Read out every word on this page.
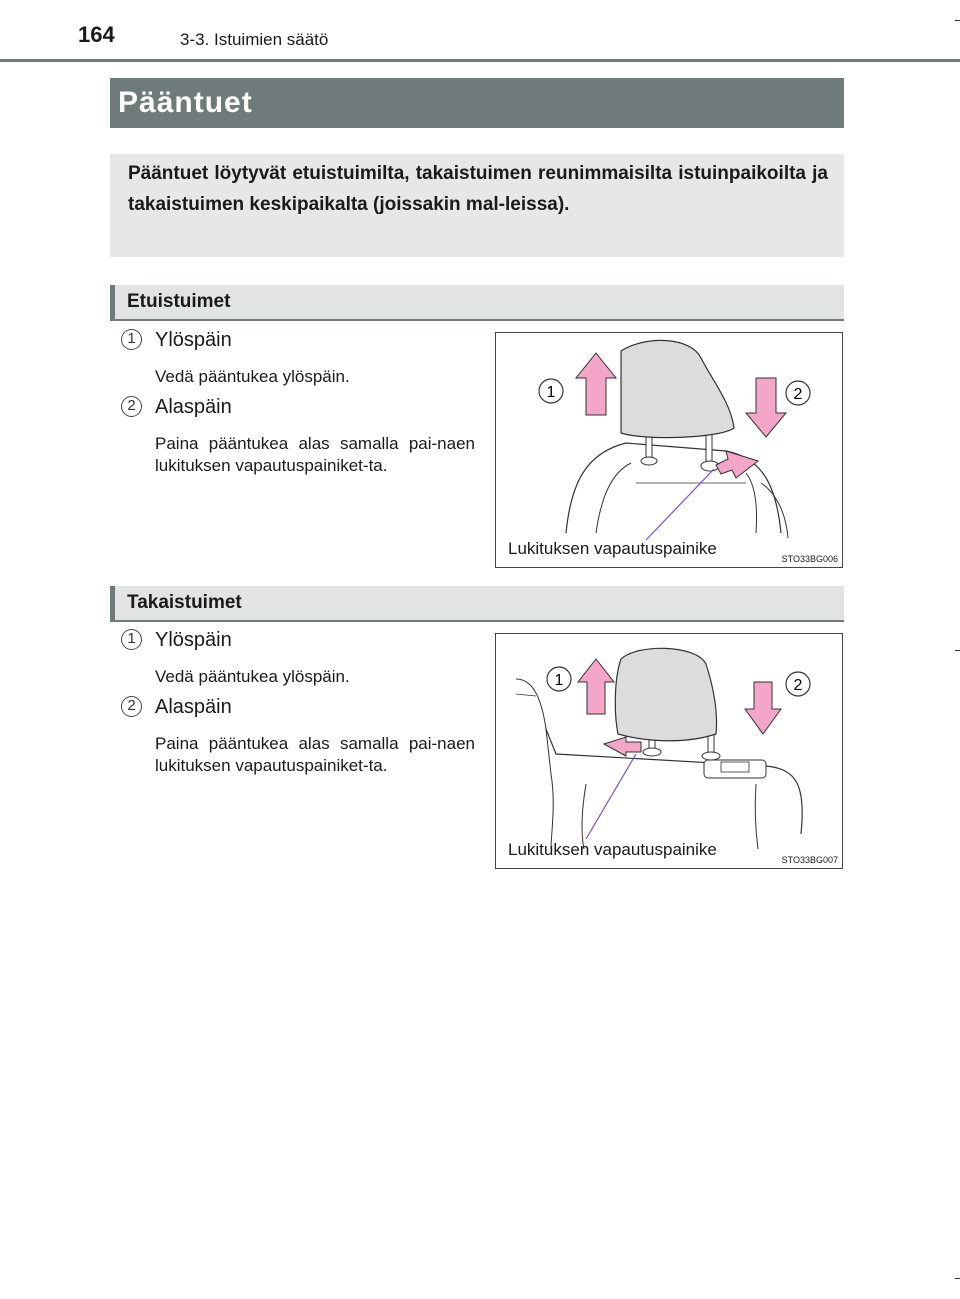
164	3-3. Istuimien säätö
Pääntuet
Pääntuet löytyvät etuistuimilta, takaistuimen reunimmaisilta istuinpaikoilta ja takaistuimen keskipaikalta (joissakin mal-leissa).
Etuistuimet
1 Ylöspäin
Vedä pääntukea ylöspäin.
2 Alaspäin
Paina pääntukea alas samalla pai-naen lukituksen vapautuspainiket-ta.
1	2
Lukituksen vapautuspainike
STO33BG006
Takaistuimet
1 Ylöspäin
Vedä pääntukea ylöspäin.
2 Alaspäin
Paina pääntukea alas samalla pai-naen lukituksen vapautuspainiket-ta.
1	2
Lukituksen vapautuspainike
STO33BG007
